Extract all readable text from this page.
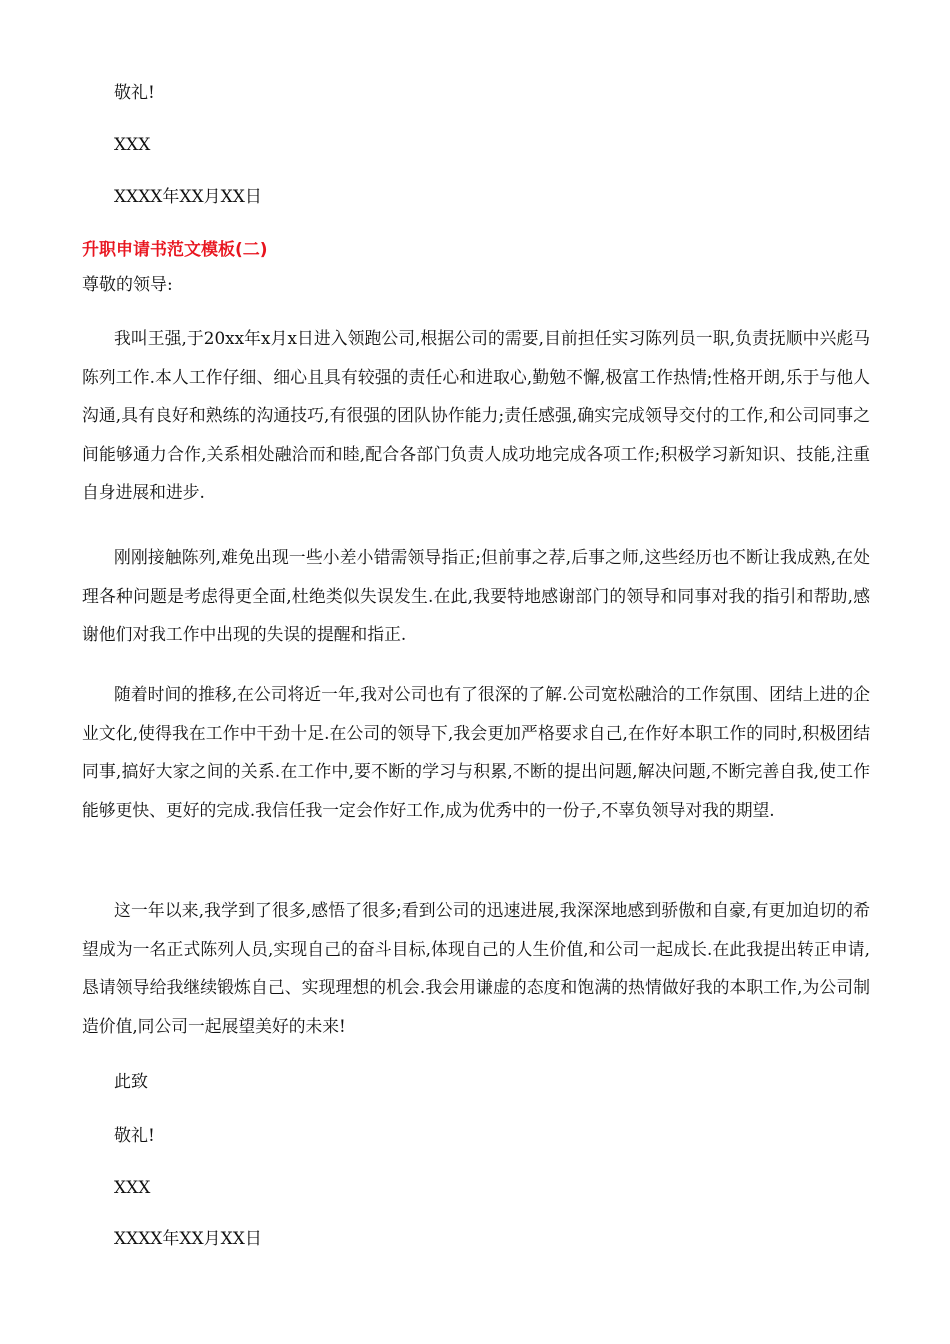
敬礼!
XXX
XXXX年XX月XX日
升职申请书范文模板(二)
尊敬的领导:

我叫王强,于20xx年x月x日进入领跑公司,根据公司的需要,目前担任实习陈列员一职,负责抚顺中兴彪马陈列工作.本人工作仔细、细心且具有较强的责任心和进取心,勤勉不懈,极富工作热情;性格开朗,乐于与他人沟通,具有良好和熟练的沟通技巧,有很强的团队协作能力;责任感强,确实完成领导交付的工作,和公司同事之间能够通力合作,关系相处融洽而和睦,配合各部门负责人成功地完成各项工作;积极学习新知识、技能,注重自身进展和进步.

刚刚接触陈列,难免出现一些小差小错需领导指正;但前事之荐,后事之师,这些经历也不断让我成熟,在处理各种问题是考虑得更全面,杜绝类似失误发生.在此,我要特地感谢部门的领导和同事对我的指引和帮助,感谢他们对我工作中出现的失误的提醒和指正.

随着时间的推移,在公司将近一年,我对公司也有了很深的了解.公司宽松融洽的工作氛围、团结上进的企业文化,使得我在工作中干劲十足.在公司的领导下,我会更加严格要求自己,在作好本职工作的同时,积极团结同事,搞好大家之间的关系.在工作中,要不断的学习与积累,不断的提出问题,解决问题,不断完善自我,使工作能够更快、更好的完成.我信任我一定会作好工作,成为优秀中的一份子,不辜负领导对我的期望.

这一年以来,我学到了很多,感悟了很多;看到公司的迅速进展,我深深地感到骄傲和自豪,有更加迫切的希望成为一名正式陈列人员,实现自己的奋斗目标,体现自己的人生价值,和公司一起成长.在此我提出转正申请,恳请领导给我继续锻炼自己、实现理想的机会.我会用谦虚的态度和饱满的热情做好我的本职工作,为公司制造价值,同公司一起展望美好的未来!

此致
敬礼!
XXX
XXXX年XX月XX日
